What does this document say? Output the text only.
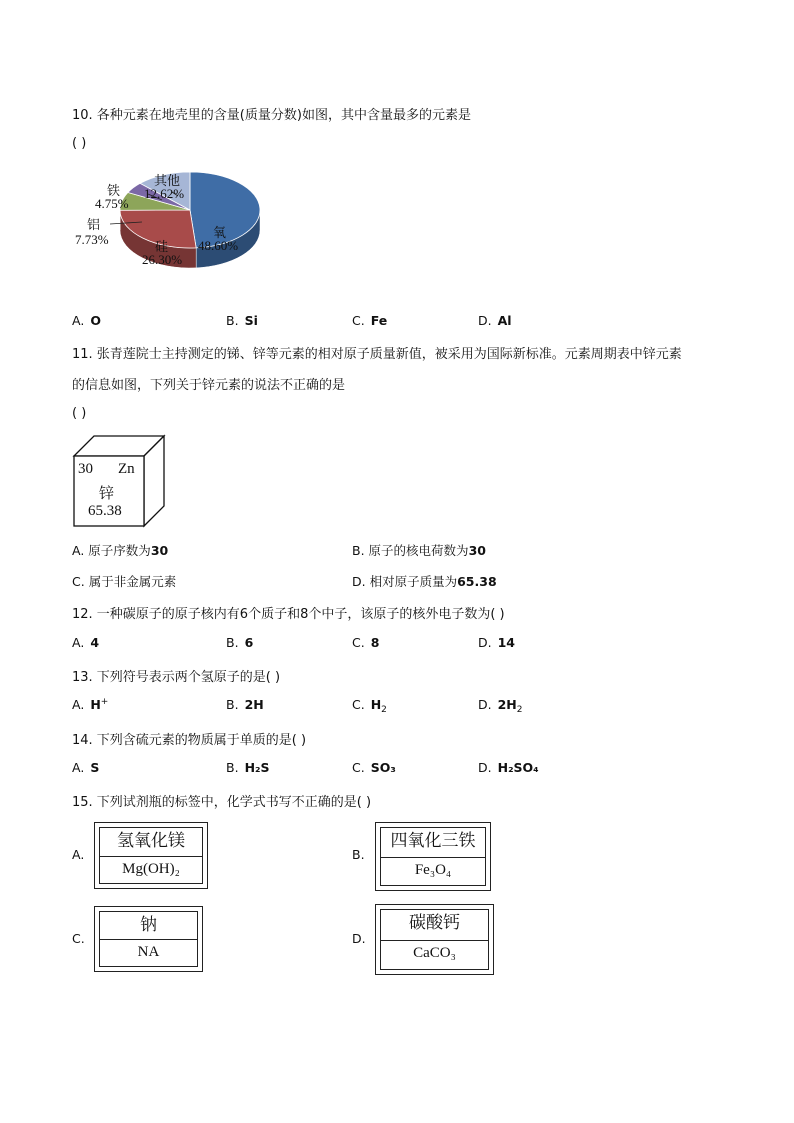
10. 各种元素在地壳里的含量(质量分数)如图，其中含量最多的元素是
( )
其他
12.62%
铁
4.75%
铝
7.73%	硅
26.30%
氧
48.60%
A. O	B. Si	C. Fe	D. Al
11. 张青莲院士主持测定的锑、锌等元素的相对原子质量新值，被采用为国际新标准。元素周期表中锌元素
的信息如图，下列关于锌元素的说法不正确的是
( )
30 Zn
锌
65.38
A. 原子序数为30	B. 原子的核电荷数为30
C. 属于非金属元素	D. 相对原子质量为65.38
12. 一种碳原子的原子核内有6个质子和8个中子，该原子的核外电子数为( )
A. 4	B. 6	C. 8	D. 14
13. 下列符号表示两个氢原子的是( )
A. H+	B. 2H	C. $H_2$	D. $2H_2$
14. 下列含硫元素的物质属于单质的是( )
A. S	B. H₂S	C. SO₃	D. H₂SO₄
15. 下列试剂瓶的标签中，化学式书写不正确的是( )
A.
氢氧化镁
Mg(OH)₂
B.
四氧化三铁
Fe₃O₄
C.
钠
NA
D.
碳酸钙
CaCO₃
